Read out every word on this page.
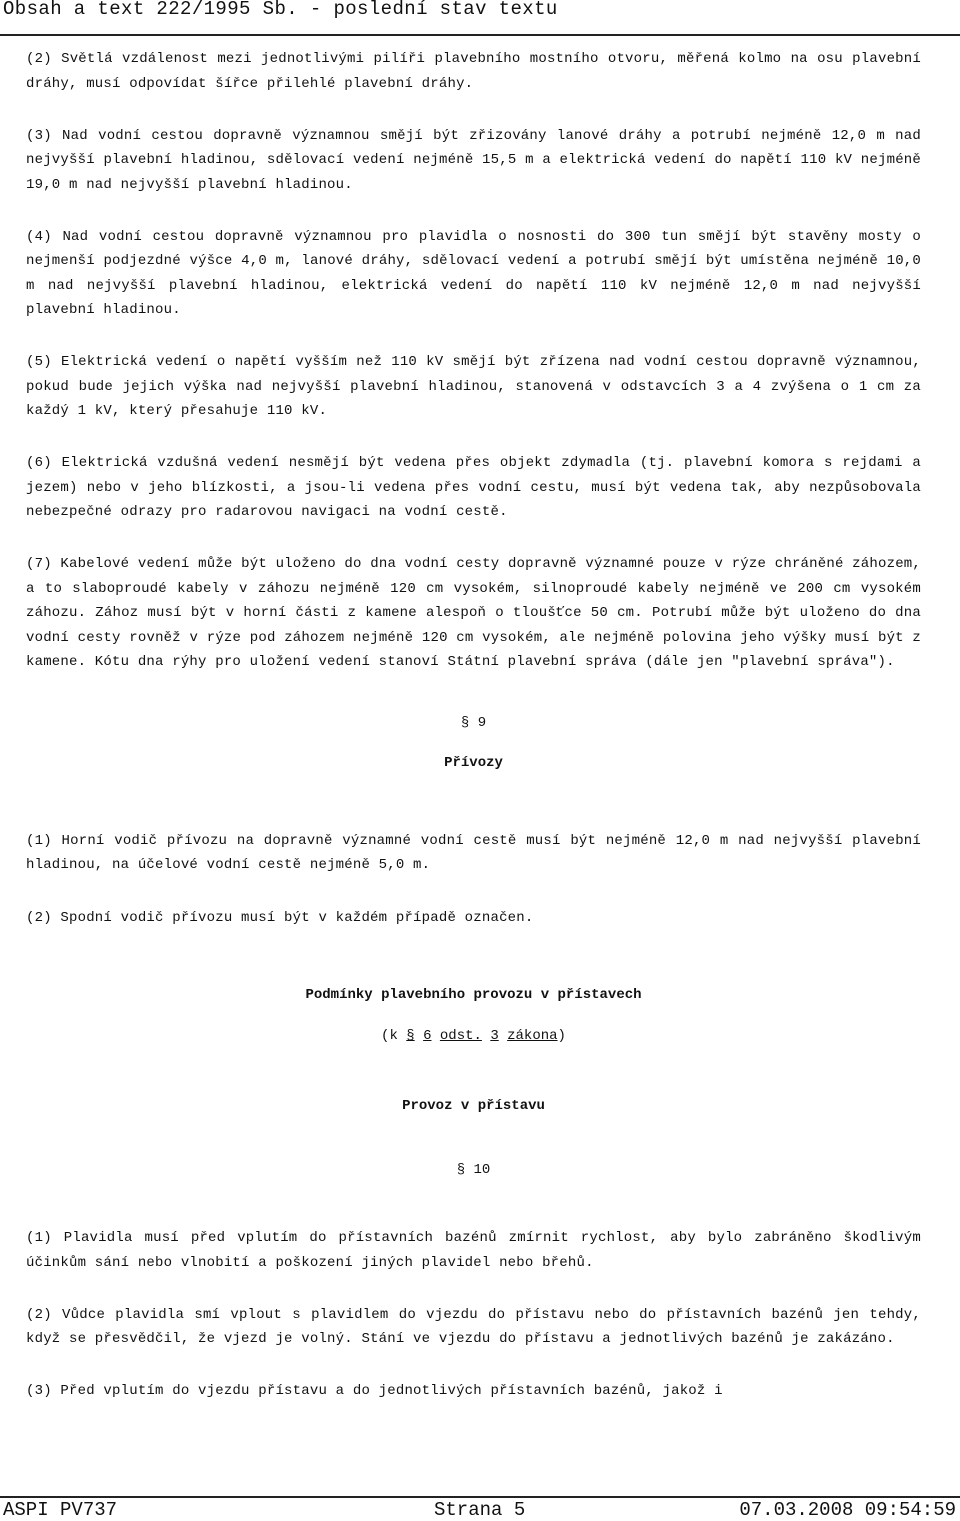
Obsah a text 222/1995 Sb. - poslední stav textu

(2) Světlá vzdálenost mezi jednotlivými pilíři plavebního mostního otvoru, měřená kolmo na osu plavební dráhy, musí odpovídat šířce přilehlé plavební dráhy.

(3) Nad vodní cestou dopravně významnou smějí být zřizovány lanové dráhy a potrubí nejméně 12,0 m nad nejvyšší plavební hladinou, sdělovací vedení nejméně 15,5 m a elektrická vedení do napětí 110 kV nejméně 19,0 m nad nejvyšší plavební hladinou.

(4) Nad vodní cestou dopravně významnou pro plavidla o nosnosti do 300 tun smějí být stavěny mosty o nejmenší podjezdné výšce 4,0 m, lanové dráhy, sdělovací vedení a potrubí smějí být umístěna nejméně 10,0 m nad nejvyšší plavební hladinou, elektrická vedení do napětí 110 kV nejméně 12,0 m nad nejvyšší plavební hladinou.

(5) Elektrická vedení o napětí vyšším než 110 kV smějí být zřízena nad vodní cestou dopravně významnou, pokud bude jejich výška nad nejvyšší plavební hladinou, stanovená v odstavcích 3 a 4 zvýšena o 1 cm za každý 1 kV, který přesahuje 110 kV.

(6) Elektrická vzdušná vedení nesmějí být vedena přes objekt zdymadla (tj. plavební komora s rejdami a jezem) nebo v jeho blízkosti, a jsou-li vedena přes vodní cestu, musí být vedena tak, aby nezpůsobovala nebezpečné odrazy pro radarovou navigaci na vodní cestě.

(7) Kabelové vedení může být uloženo do dna vodní cesty dopravně významné pouze v rýze chráněné záhozem, a to slaboproudé kabely v záhozu nejméně 120 cm vysokém, silnoproudé kabely nejméně ve 200 cm vysokém záhozu. Zához musí být v horní části z kamene alespoň o tloušťce 50 cm. Potrubí může být uloženo do dna vodní cesty rovněž v rýze pod záhozem nejméně 120 cm vysokém, ale nejméně polovina jeho výšky musí být z kamene. Kótu dna rýhy pro uložení vedení stanoví Státní plavební správa (dále jen "plavební správa").

§ 9
Přívozy

(1) Horní vodič přívozu na dopravně významné vodní cestě musí být nejméně 12,0 m nad nejvyšší plavební hladinou, na účelové vodní cestě nejméně 5,0 m.

(2) Spodní vodič přívozu musí být v každém případě označen.

Podmínky plavebního provozu v přístavech
(k § 6 odst. 3 zákona)
Provoz v přístavu
§ 10

(1) Plavidla musí před vplutím do přístavních bazénů zmírnit rychlost, aby bylo zabráněno škodlivým účinkům sání nebo vlnobití a poškození jiných plavidel nebo břehů.

(2) Vůdce plavidla smí vplout s plavidlem do vjezdu do přístavu nebo do přístavních bazénů jen tehdy, když se přesvědčil, že vjezd je volný. Stání ve vjezdu do přístavu a jednotlivých bazénů je zakázáno.

(3) Před vplutím do vjezdu přístavu a do jednotlivých přístavních bazénů, jakož i

ASPI PV737	Strana 5	07.03.2008 09:54:59
